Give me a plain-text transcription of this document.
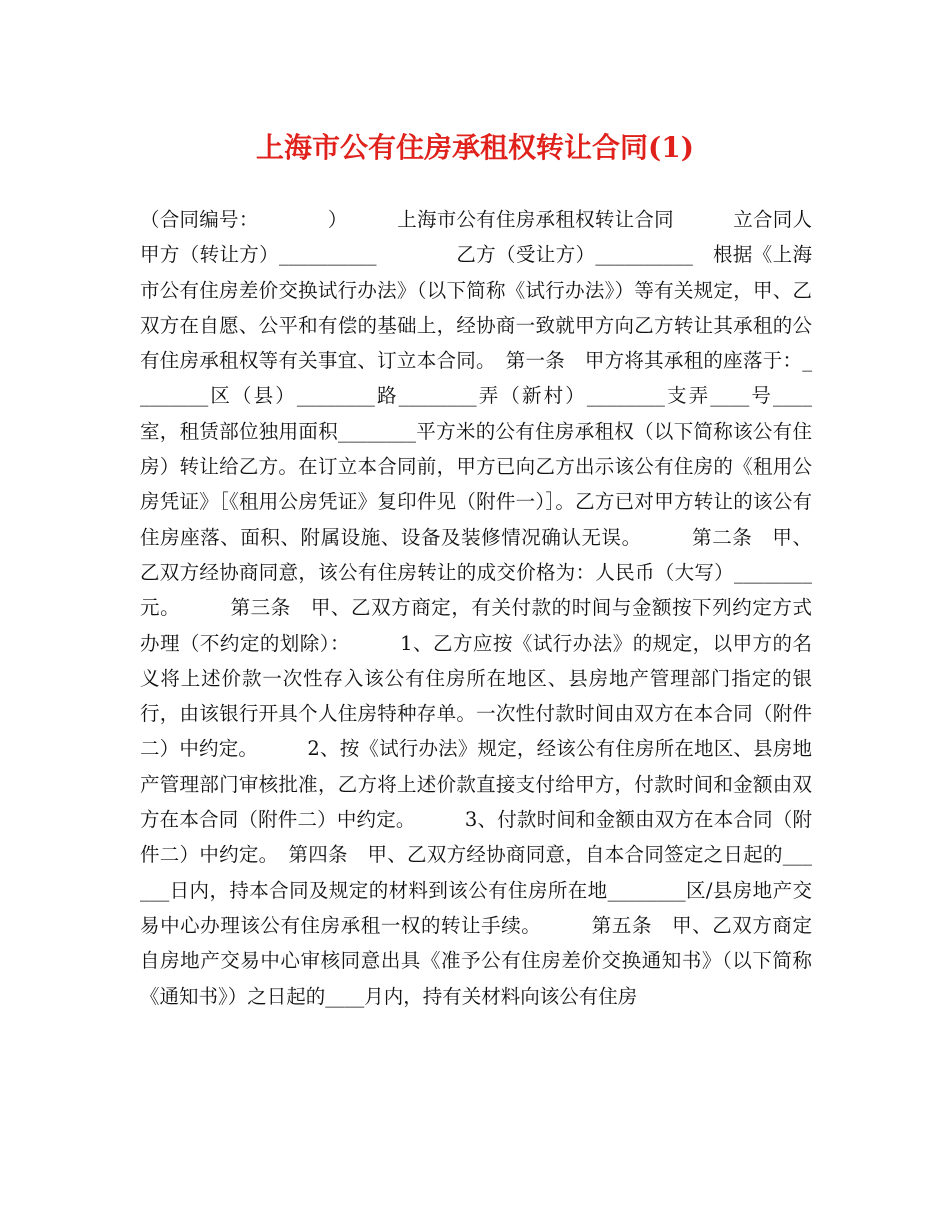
上海市公有住房承租权转让合同(1)

（合同编号：　　　　）　　　上海市公有住房承租权转让合同　　　立合同人　　　甲方（转让方）__________　　　　乙方（受让方）__________　根据《上海市公有住房差价交换试行办法》（以下简称《试行办法》）等有关规定，甲、乙双方在自愿、公平和有偿的基础上，经协商一致就甲方向乙方转让其承租的公有住房承租权等有关事宜、订立本合同。　第一条　甲方将其承租的座落于：________区（县）________路________弄（新村）________支弄____号____室，租赁部位独用面积________平方米的公有住房承租权（以下简称该公有住房）转让给乙方。在订立本合同前，甲方已向乙方出示该公有住房的《租用公房凭证》［《租用公房凭证》复印件见（附件一）］。乙方已对甲方转让的该公有住房座落、面积、附属设施、设备及装修情况确认无误。　　　第二条　甲、乙双方经协商同意，该公有住房转让的成交价格为：人民币（大写）________元。　　　第三条　甲、乙双方商定，有关付款的时间与金额按下列约定方式办理（不约定的划除）：　　　1、乙方应按《试行办法》的规定，以甲方的名义将上述价款一次性存入该公有住房所在地区、县房地产管理部门指定的银行，由该银行开具个人住房特种存单。一次性付款时间由双方在本合同（附件二）中约定。　　　2、按《试行办法》规定，经该公有住房所在地区、县房地产管理部门审核批准，乙方将上述价款直接支付给甲方，付款时间和金额由双方在本合同（附件二）中约定。　　　3、付款时间和金额由双方在本合同（附件二）中约定。　第四条　甲、乙双方经协商同意，自本合同签定之日起的______日内，持本合同及规定的材料到该公有住房所在地________区/县房地产交易中心办理该公有住房承租一权的转让手续。　　　第五条　甲、乙双方商定自房地产交易中心审核同意出具《准予公有住房差价交换通知书》（以下简称《通知书》）之日起的____月内，持有关材料向该公有住房
